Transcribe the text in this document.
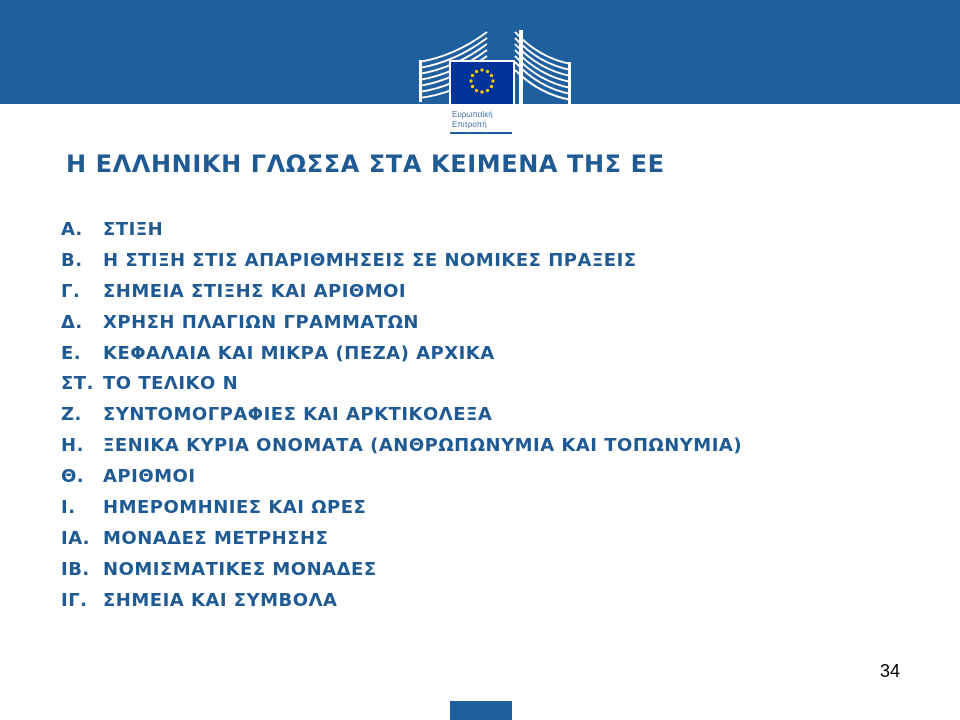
Ευρωπαϊκή
Επιτροπή
Η ΕΛΛΗΝΙΚΗ ΓΛΩΣΣΑ ΣΤΑ ΚΕΙΜΕΝΑ ΤΗΣ ΕΕ
Α.	ΣΤΙΞΗ
Β.	Η ΣΤΙΞΗ ΣΤΙΣ ΑΠΑΡΙΘΜΗΣΕΙΣ ΣΕ ΝΟΜΙΚΕΣ ΠΡΑΞΕΙΣ
Γ.	ΣΗΜΕΙΑ ΣΤΙΞΗΣ ΚΑΙ ΑΡΙΘΜΟΙ
Δ.	ΧΡΗΣΗ ΠΛΑΓΙΩΝ ΓΡΑΜΜΑΤΩΝ
Ε.	ΚΕΦΑΛΑΙΑ ΚΑΙ ΜΙΚΡΑ (ΠΕΖΑ) ΑΡΧΙΚΑ
ΣΤ. ΤΟ ΤΕΛΙΚΟ Ν
Ζ.	ΣΥΝΤΟΜΟΓΡΑΦΙΕΣ ΚΑΙ ΑΡΚΤΙΚΟΛΕΞΑ
Η.	ΞΕΝΙΚΑ ΚΥΡΙΑ ΟΝΟΜΑΤΑ (ΑΝΘΡΩΠΩΝΥΜΙΑ ΚΑΙ ΤΟΠΩΝΥΜΙΑ)
Θ.	ΑΡΙΘΜΟΙ
Ι.	ΗΜΕΡΟΜΗΝΙΕΣ ΚΑΙ ΩΡΕΣ
ΙΑ. ΜΟΝΑΔΕΣ ΜΕΤΡΗΣΗΣ
ΙΒ. ΝΟΜΙΣΜΑΤΙΚΕΣ ΜΟΝΑΔΕΣ
ΙΓ. ΣΗΜΕΙΑ ΚΑΙ ΣΥΜΒΟΛΑ
34
